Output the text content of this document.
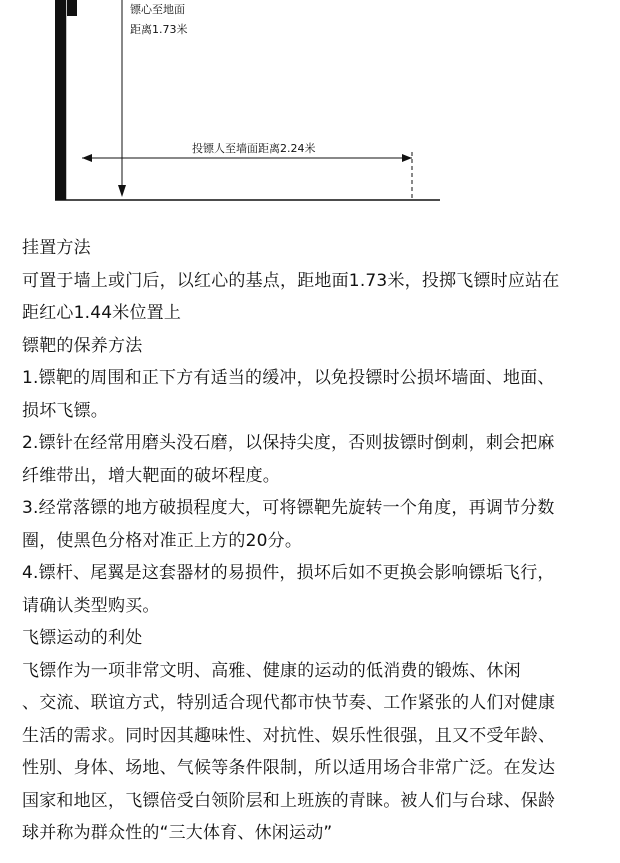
镖心至地面
距离1.73米
投镖人至墙面距离2.24米
挂置方法
可置于墙上或门后，以红心的基点，距地面1.73米，投掷飞镖时应站在
距红心1.44米位置上
镖靶的保养方法
1.镖靶的周围和正下方有适当的缓冲，以免投镖时公损坏墙面、地面、
损坏飞镖。
2.镖针在经常用磨头没石磨，以保持尖度，否则拔镖时倒刺，刺会把麻
纤维带出，增大靶面的破坏程度。
3.经常落镖的地方破损程度大，可将镖靶先旋转一个角度，再调节分数
圈，使黑色分格对准正上方的20分。
4.镖杆、尾翼是这套器材的易损件，损坏后如不更换会影响镖垢飞行，
请确认类型购买。
飞镖运动的利处
飞镖作为一项非常文明、高雅、健康的运动的低消费的锻炼、休闲
、交流、联谊方式，特别适合现代都市快节奏、工作紧张的人们对健康
生活的需求。同时因其趣味性、对抗性、娱乐性很强，且又不受年龄、
性别、身体、场地、气候等条件限制，所以适用场合非常广泛。在发达
国家和地区，飞镖倍受白领阶层和上班族的青睐。被人们与台球、保龄
球并称为群众性的“三大体育、休闲运动”
